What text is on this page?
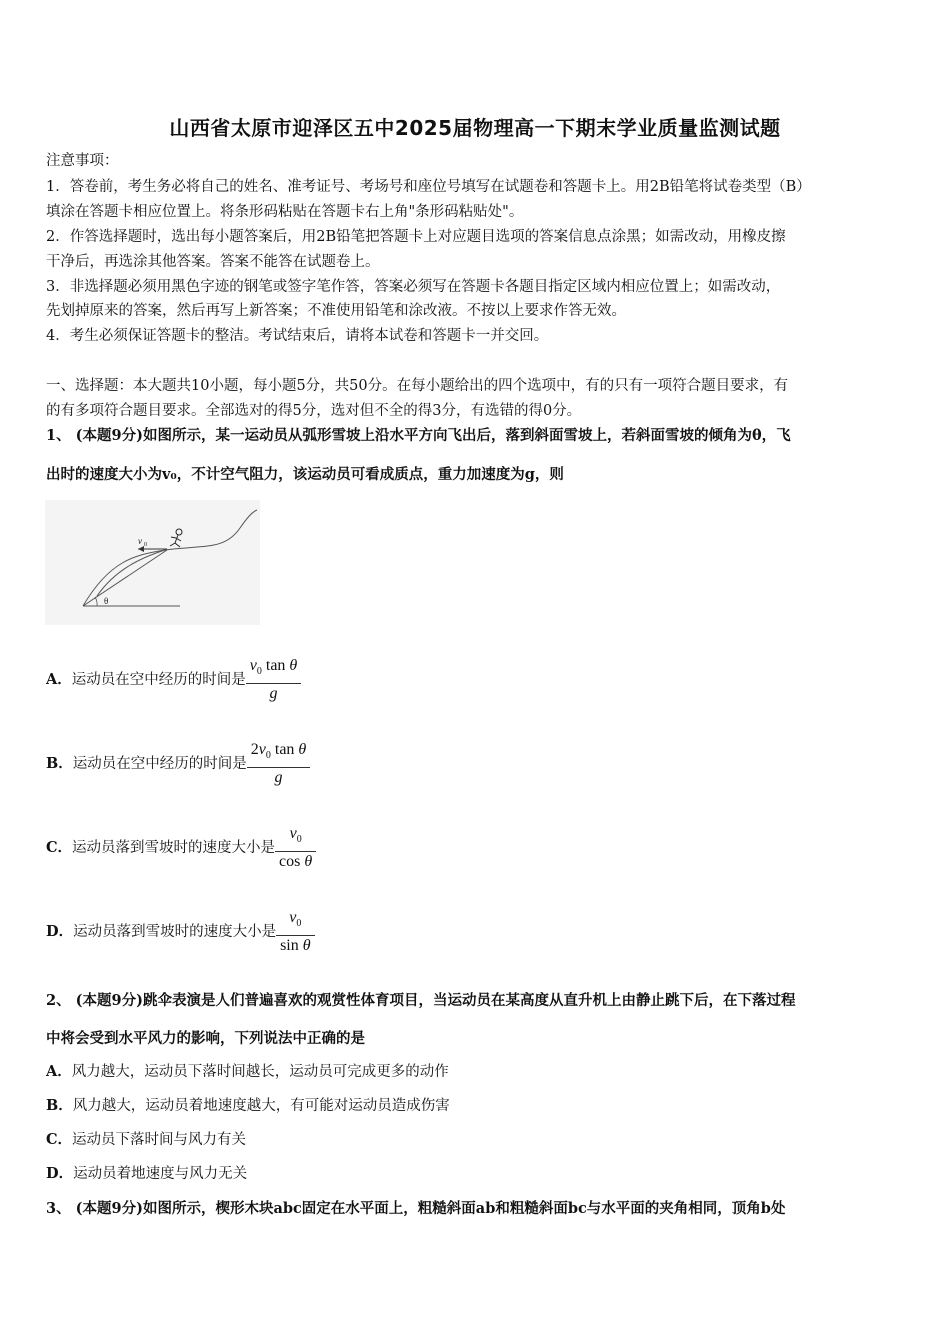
山西省太原市迎泽区五中2025届物理高一下期末学业质量监测试题
注意事项：
1．答卷前，考生务必将自己的姓名、准考证号、考场号和座位号填写在试题卷和答题卡上。用2B铅笔将试卷类型（B）
填涂在答题卡相应位置上。将条形码粘贴在答题卡右上角"条形码粘贴处"。
2．作答选择题时，选出每小题答案后，用2B铅笔把答题卡上对应题目选项的答案信息点涂黑；如需改动，用橡皮擦
干净后，再选涂其他答案。答案不能答在试题卷上。
3．非选择题必须用黑色字迹的钢笔或签字笔作答，答案必须写在答题卡各题目指定区域内相应位置上；如需改动，
先划掉原来的答案，然后再写上新答案；不准使用铅笔和涂改液。不按以上要求作答无效。
4．考生必须保证答题卡的整洁。考试结束后，请将本试卷和答题卡一并交回。
一、选择题：本大题共10小题，每小题5分，共50分。在每小题给出的四个选项中，有的只有一项符合题目要求，有
的有多项符合题目要求。全部选对的得5分，选对但不全的得3分，有选错的得0分。
1、 (本题9分)如图所示，某一运动员从弧形雪坡上沿水平方向飞出后，落到斜面雪坡上，若斜面雪坡的倾角为θ，飞
出时的速度大小为v₀，不计空气阻力，该运动员可看成质点，重力加速度为g，则
v 0
θ
A． 运动员在空中经历的时间是 $\frac{v_0 \tan \theta}{g}$
B． 运动员在空中经历的时间是 $\frac{2v_0 \tan \theta}{g}$
C． 运动员落到雪坡时的速度大小是 $\frac{v_0}{\text{cos θ}}$
D． 运动员落到雪坡时的速度大小是 $\frac{v_0}{\text{sin θ}}$
2、 (本题9分)跳伞表演是人们普遍喜欢的观赏性体育项目，当运动员在某高度从直升机上由静止跳下后，在下落过程
中将会受到水平风力的影响，下列说法中正确的是
A．风力越大，运动员下落时间越长，运动员可完成更多的动作
B．风力越大，运动员着地速度越大，有可能对运动员造成伤害
C．运动员下落时间与风力有关
D．运动员着地速度与风力无关
3、 (本题9分)如图所示，楔形木块abc固定在水平面上，粗糙斜面ab和粗糙斜面bc与水平面的夹角相同，顶角b处
